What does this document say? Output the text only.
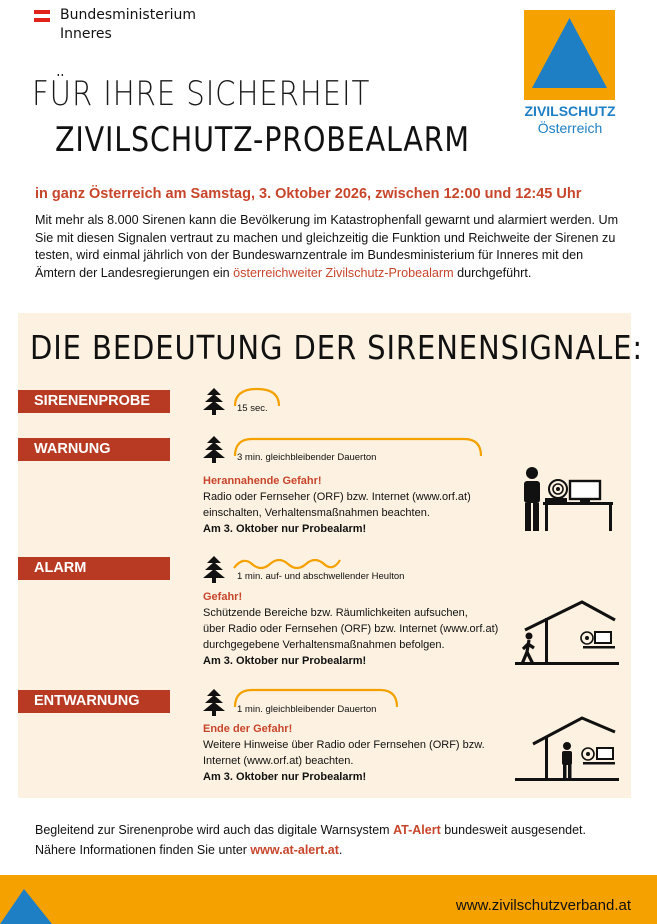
Bundesministerium
Inneres
FÜR IHRE SICHERHEIT
ZIVILSCHUTZ-PROBEALARM
ZIVILSCHUTZ
Österreich
in ganz Österreich am Samstag, 3. Oktober 2026, zwischen 12:00 und 12:45 Uhr
Mit mehr als 8.000 Sirenen kann die Bevölkerung im Katastrophenfall gewarnt und alarmiert werden. Um Sie mit diesen Signalen vertraut zu machen und gleichzeitig die Funktion und Reichweite der Sirenen zu testen, wird einmal jährlich von der Bundeswarnzentrale im Bundesministerium für Inneres mit den Ämtern der Landesregierungen ein österreichweiter Zivilschutz-Probealarm durchgeführt.
DIE BEDEUTUNG DER SIRENENSIGNALE:
SIRENENPROBE	15 sec.
WARNUNG
3 min. gleichbleibender Dauerton
Herannahende Gefahr!
Radio oder Fernseher (ORF) bzw. Internet (www.orf.at)
einschalten, Verhaltensmaßnahmen beachten.
Am 3. Oktober nur Probealarm!
ALARM
1 min. auf- und abschwellender Heulton
Gefahr!
Schützende Bereiche bzw. Räumlichkeiten aufsuchen,
über Radio oder Fernsehen (ORF) bzw. Internet (www.orf.at)
durchgegebene Verhaltensmaßnahmen befolgen.
Am 3. Oktober nur Probealarm!
ENTWARNUNG
1 min. gleichbleibender Dauerton
Ende der Gefahr!
Weitere Hinweise über Radio oder Fernsehen (ORF) bzw.
Internet (www.orf.at) beachten.
Am 3. Oktober nur Probealarm!
Begleitend zur Sirenenprobe wird auch das digitale Warnsystem AT-Alert bundesweit ausgesendet.
Nähere Informationen finden Sie unter www.at-alert.at.
www.zivilschutzverband.at
